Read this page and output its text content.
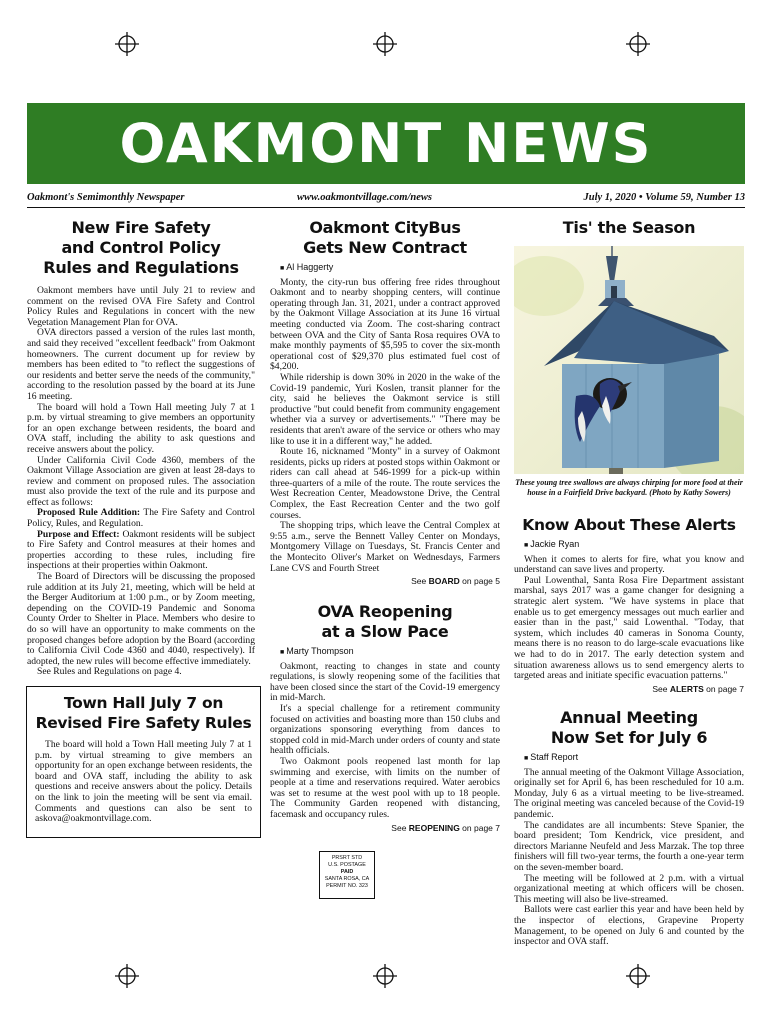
OAKMONT NEWS
Oakmont's Semimonthly Newspaper	www.oakmontvillage.com/news	July 1, 2020 • Volume 59, Number 13
New Fire Safety
and Control Policy
Rules and Regulations

Oakmont members have until July 21 to review and comment on the revised OVA Fire Safety and Control Policy Rules and Regulations in concert with the new Vegetation Management Plan for OVA.

OVA directors passed a version of the rules last month, and said they received "excellent feedback" from Oakmont homeowners. The current document up for review by members has been edited to "to reflect the suggestions of our residents and better serve the needs of the community," according to the resolution passed by the board at its June 16 meeting.

The board will hold a Town Hall meeting July 7 at 1 p.m. by virtual streaming to give members an opportunity for an open exchange between residents, the board and OVA staff, including the ability to ask questions and receive answers about the policy.

Under California Civil Code 4360, members of the Oakmont Village Association are given at least 28-days to review and comment on proposed rules. The association must also provide the text of the rule and its purpose and effect as follows:

Proposed Rule Addition: The Fire Safety and Control Policy, Rules, and Regulation.

Purpose and Effect: Oakmont residents will be subject to Fire Safety and Control measures at their homes and properties according to these rules, including fire inspections at their properties within Oakmont.

The Board of Directors will be discussing the proposed rule addition at its July 21, meeting, which will be held at the Berger Auditorium at 1:00 p.m., or by Zoom meeting, depending on the COVID-19 Pandemic and Sonoma County Order to Shelter in Place. Members who desire to do so will have an opportunity to make comments on the proposed changes before adoption by the Board (according to California Civil Code 4360 and 4040, respectively). If adopted, the new rules will become effective immediately.

See Rules and Regulations on page 4.

Town Hall July 7 on
Revised Fire Safety Rules

The board will hold a Town Hall meeting July 7 at 1 p.m. by virtual streaming to give members an opportunity for an open exchange between residents, the board and OVA staff, including the ability to ask questions and receive answers about the policy. Details on the link to join the meeting will be sent via email. Comments and questions can also be sent to askova@oakmontvillage.com.

Oakmont CityBus
Gets New Contract

■ Al Haggerty

Monty, the city-run bus offering free rides throughout Oakmont and to nearby shopping centers, will continue operating through Jan. 31, 2021, under a contract approved by the Oakmont Village Association at its June 16 virtual meeting conducted via Zoom. The cost-sharing contract between OVA and the City of Santa Rosa requires OVA to make monthly payments of $5,595 to cover the six-month operational cost of $29,370 plus estimated fuel cost of $4,200.

While ridership is down 30% in 2020 in the wake of the Covid-19 pandemic, Yuri Koslen, transit planner for the city, said he believes the Oakmont service is still productive "but could benefit from community engagement whether via a survey or advertisements." "There may be residents that aren't aware of the service or others who may like to use it in a different way," he added.

Route 16, nicknamed "Monty" in a survey of Oakmont residents, picks up riders at posted stops within Oakmont or riders can call ahead at 546-1999 for a pick-up within three-quarters of a mile of the route. The route services the West Recreation Center, Meadowstone Drive, the Central Complex, the East Recreation Center and the two golf courses.

The shopping trips, which leave the Central Complex at 9:55 a.m., serve the Bennett Valley Center on Mondays, Montgomery Village on Tuesdays, St. Francis Center and the Montecito Oliver's Market on Wednesdays, Farmers Lane CVS and Fourth Street

See BOARD on page 5
OVA Reopening
at a Slow Pace

■ Marty Thompson

Oakmont, reacting to changes in state and county regulations, is slowly reopening some of the facilities that have been closed since the start of the Covid-19 emergency in mid-March.

It's a special challenge for a retirement community focused on activities and boasting more than 150 clubs and organizations sponsoring everything from dances to stopped cold in mid-March under orders of county and state health officials.

Two Oakmont pools reopened last month for lap swimming and exercise, with limits on the number of people at a time and reservations required. Water aerobics was set to resume at the west pool with up to 18 people. The Community Garden reopened with distancing, facemask and occupancy rules.

See REOPENING on page 7
PRSRT STD
U.S. POSTAGE
PAID
SANTA ROSA, CA
PERMIT NO. 323
Tis' the Season
These young tree swallows are always chirping for more food at their house in a Fairfield Drive backyard. (Photo by Kathy Sowers)
Know About These Alerts

■ Jackie Ryan

When it comes to alerts for fire, what you know and understand can save lives and property.

Paul Lowenthal, Santa Rosa Fire Department assistant marshal, says 2017 was a game changer for designing a strategic alert system. "We have systems in place that enable us to get emergency messages out much earlier and easier than in the past," said Lowenthal. "Today, that system, which includes 40 cameras in Sonoma County, means there is no reason to do large-scale evacuations like we had to do in 2017. The early detection system and situation awareness allows us to send emergency alerts to targeted areas and initiate specific evacuation patterns."

See ALERTS on page 7
Annual Meeting
Now Set for July 6

■ Staff Report

The annual meeting of the Oakmont Village Association, originally set for April 6, has been rescheduled for 10 a.m. Monday, July 6 as a virtual meeting to be live-streamed. The original meeting was canceled because of the Covid-19 pandemic.

The candidates are all incumbents: Steve Spanier, the board president; Tom Kendrick, vice president, and directors Marianne Neufeld and Jess Marzak. The top three finishers will fill two-year terms, the fourth a one-year term on the seven-member board.

The meeting will be followed at 2 p.m. with a virtual organizational meeting at which officers will be chosen. This meeting will also be live-streamed.

Ballots were cast earlier this year and have been held by the inspector of elections, Grapevine Property Management, to be opened on July 6 and counted by the inspector and OVA staff.
